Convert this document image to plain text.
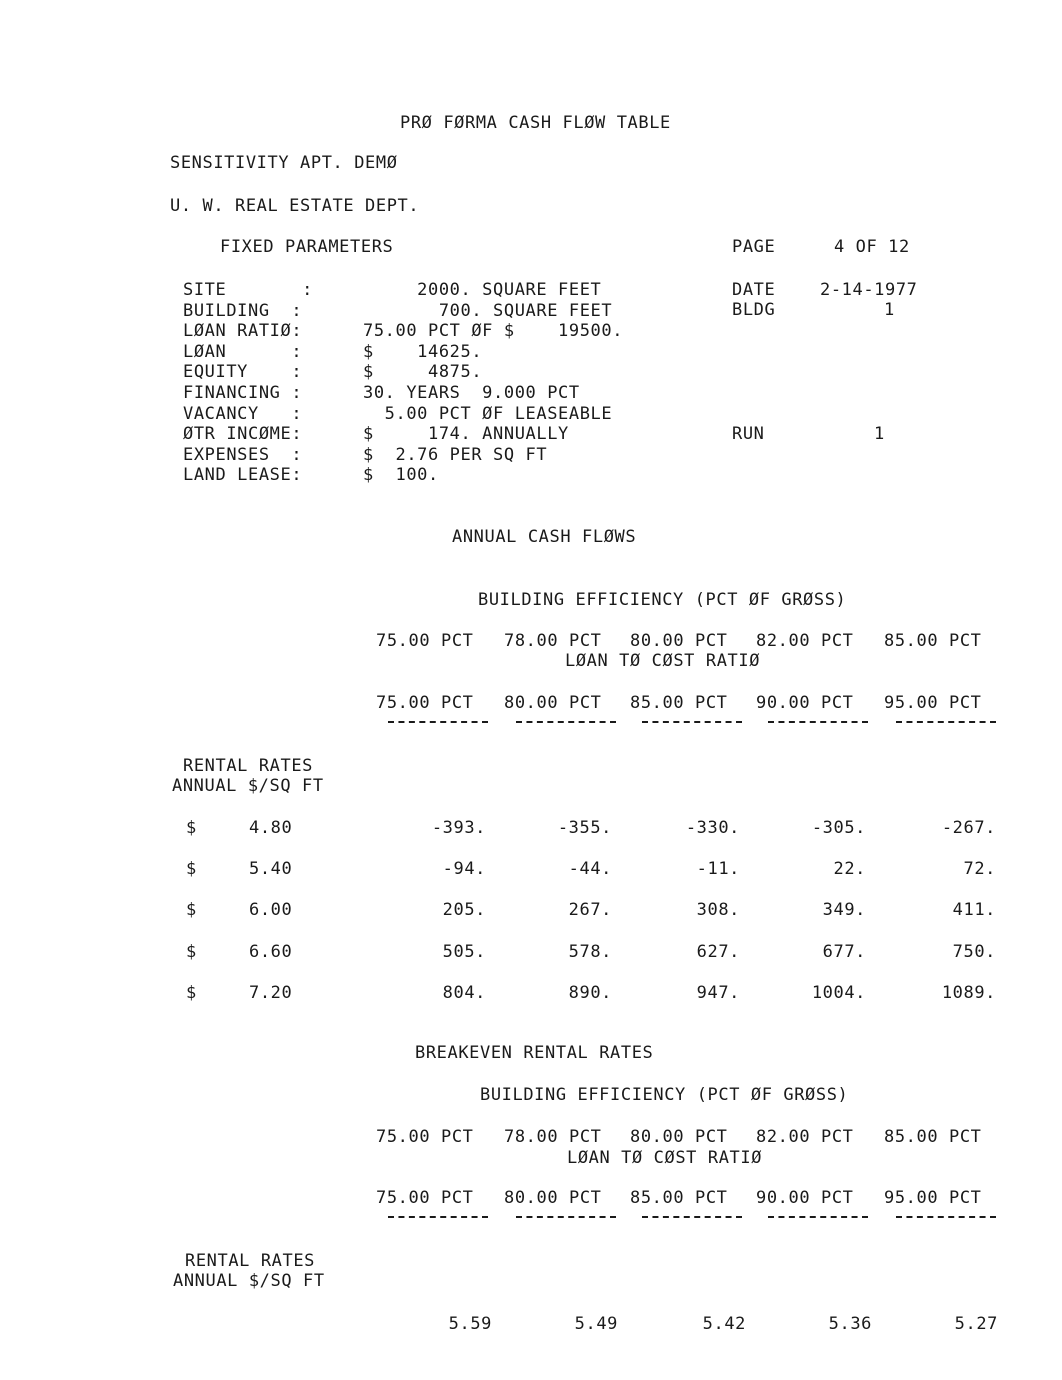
PRØ FØRMA CASH FLØW TABLE
SENSITIVITY APT. DEMØ
U. W. REAL ESTATE DEPT.
FIXED PARAMETERS	PAGE	4 OF 12
SITE       :	2000. SQUARE FEET
BUILDING  :	700. SQUARE FEET
LØAN RATIØ:	75.00 PCT ØF $    19500.
LØAN      :	$    14625.
EQUITY    :	$     4875.
FINANCING :	30. YEARS  9.000 PCT
VACANCY   :	5.00 PCT ØF LEASEABLE
ØTR INCØME:	$     174. ANNUALLY
EXPENSES  :	$  2.76 PER SQ FT
LAND LEASE:	$  100.
DATE	2-14-1977
BLDG	1
RUN	1
ANNUAL CASH FLØWS
BUILDING EFFICIENCY (PCT ØF GRØSS)
75.00 PCT 78.00 PCT 80.00 PCT 82.00 PCT 85.00 PCT
LØAN TØ CØST RATIØ
75.00 PCT 80.00 PCT 85.00 PCT 90.00 PCT 95.00 PCT
RENTAL RATES
ANNUAL $/SQ FT
$	4.80	-393.	-355.	-330.	-305.	-267.
$	5.40	-94.	-44.	-11.	22.	72.
$	6.00	205.	267.	308.	349.	411.
$	6.60	505.	578.	627.	677.	750.
$	7.20	804.	890.	947.	1004.	1089.
BREAKEVEN RENTAL RATES
BUILDING EFFICIENCY (PCT ØF GRØSS)
75.00 PCT 78.00 PCT 80.00 PCT 82.00 PCT 85.00 PCT
LØAN TØ CØST RATIØ
75.00 PCT 80.00 PCT 85.00 PCT 90.00 PCT 95.00 PCT
RENTAL RATES
ANNUAL $/SQ FT
5.59	5.49	5.42	5.36	5.27
